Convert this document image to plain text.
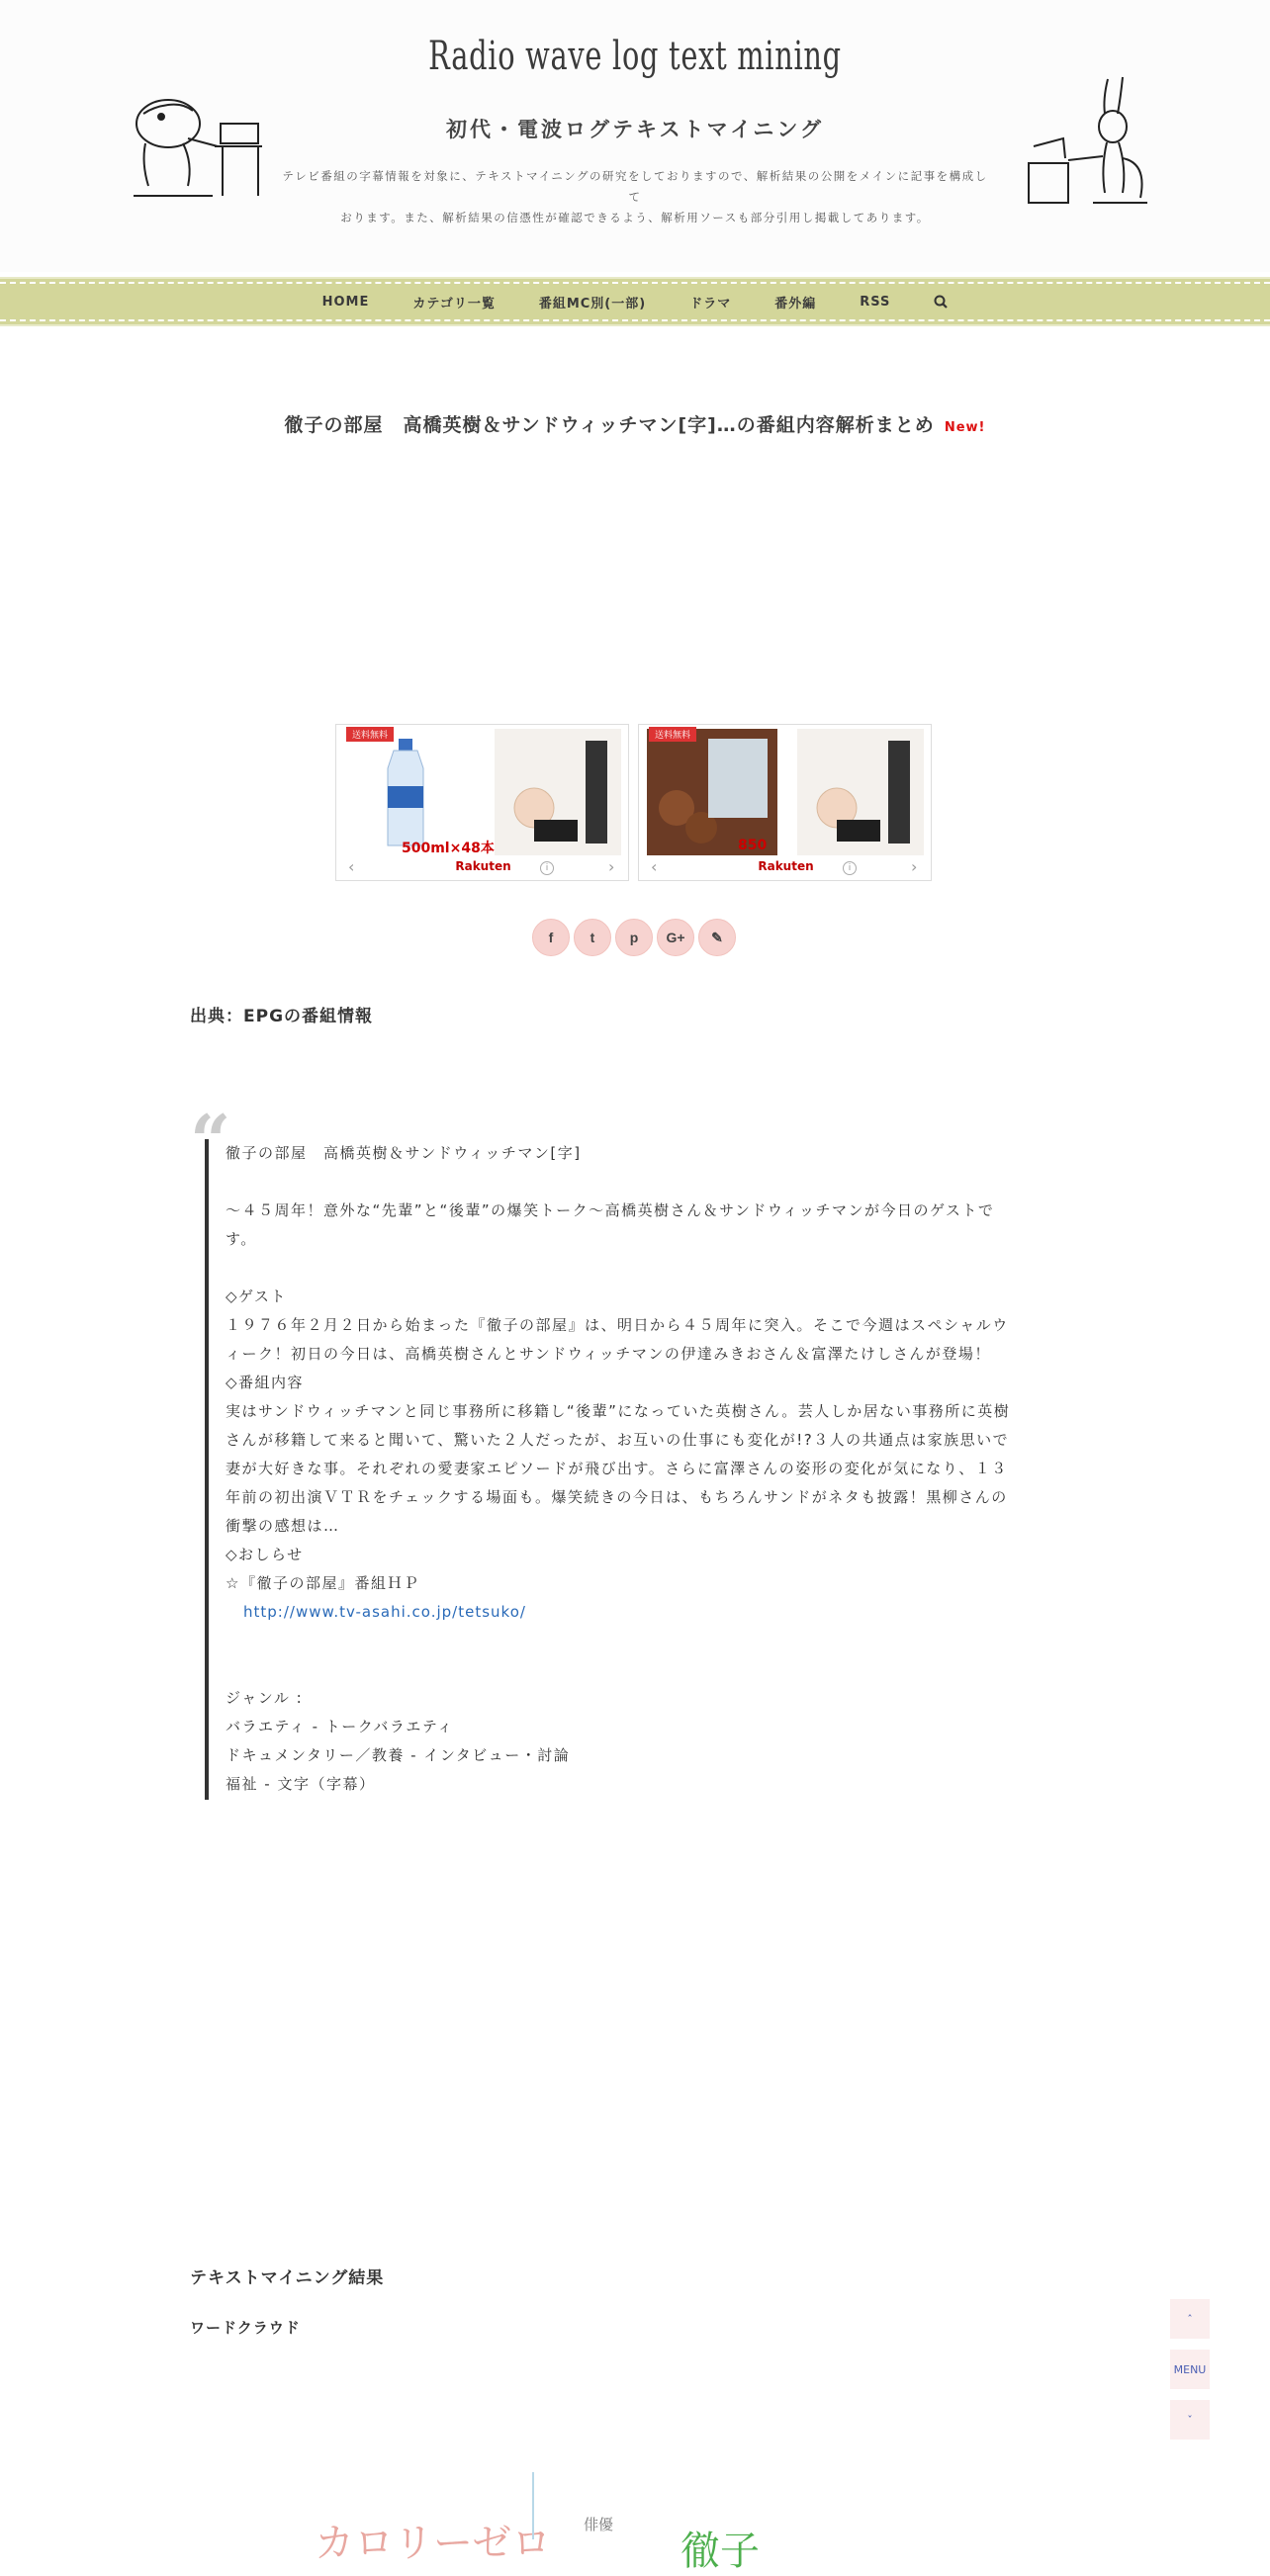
Radio wave log text mining
初代・電波ログテキストマイニング
テレビ番組の字幕情報を対象に、テキストマイニングの研究をしておりますので、解析結果の公開をメインに記事を構成して
おります。また、解析結果の信憑性が確認できるよう、解析用ソースも部分引用し掲載してあります。
HOME	カテゴリ一覧	番組MC別(一部)	ドラマ	番外編	RSS
徹子の部屋　高橋英樹＆サンドウィッチマン[字]…の番組内容解析まとめ New!
送料無料
500ml×48本
‹	Rakuten	i	›
送料無料
850
‹	Rakuten	i	›
f	t	p G+ ✎
出典：EPGの番組情報
“

徹子の部屋　高橋英樹＆サンドウィッチマン[字]

～４５周年！意外な“先輩”と“後輩”の爆笑トーク～高橋英樹さん＆サンドウィッチマンが今日のゲストで

す。

◇ゲスト

１９７６年２月２日から始まった『徹子の部屋』は、明日から４５周年に突入。そこで今週はスペシャルウ

ィーク！初日の今日は、高橋英樹さんとサンドウィッチマンの伊達みきおさん＆富澤たけしさんが登場！

◇番組内容

実はサンドウィッチマンと同じ事務所に移籍し“後輩”になっていた英樹さん。芸人しか居ない事務所に英樹

さんが移籍して来ると聞いて、驚いた２人だったが、お互いの仕事にも変化が!?３人の共通点は家族思いで

妻が大好きな事。それぞれの愛妻家エピソードが飛び出す。さらに富澤さんの姿形の変化が気になり、１３

年前の初出演ＶＴＲをチェックする場面も。爆笑続きの今日は、もちろんサンドがネタも披露！黒柳さんの

衝撃の感想は…

◇おしらせ

☆『徹子の部屋』番組ＨＰ

http://www.tv-asahi.co.jp/tetsuko/

ジャンル :

バラエティ - トークバラエティ

ドキュメンタリー／教養 - インタビュー・討論

福祉 - 文字（字幕）

テキストマイニング結果
ワードクラウド	ˆ
MENU
ˇ
カロリーゼロ 俳優
徹子
